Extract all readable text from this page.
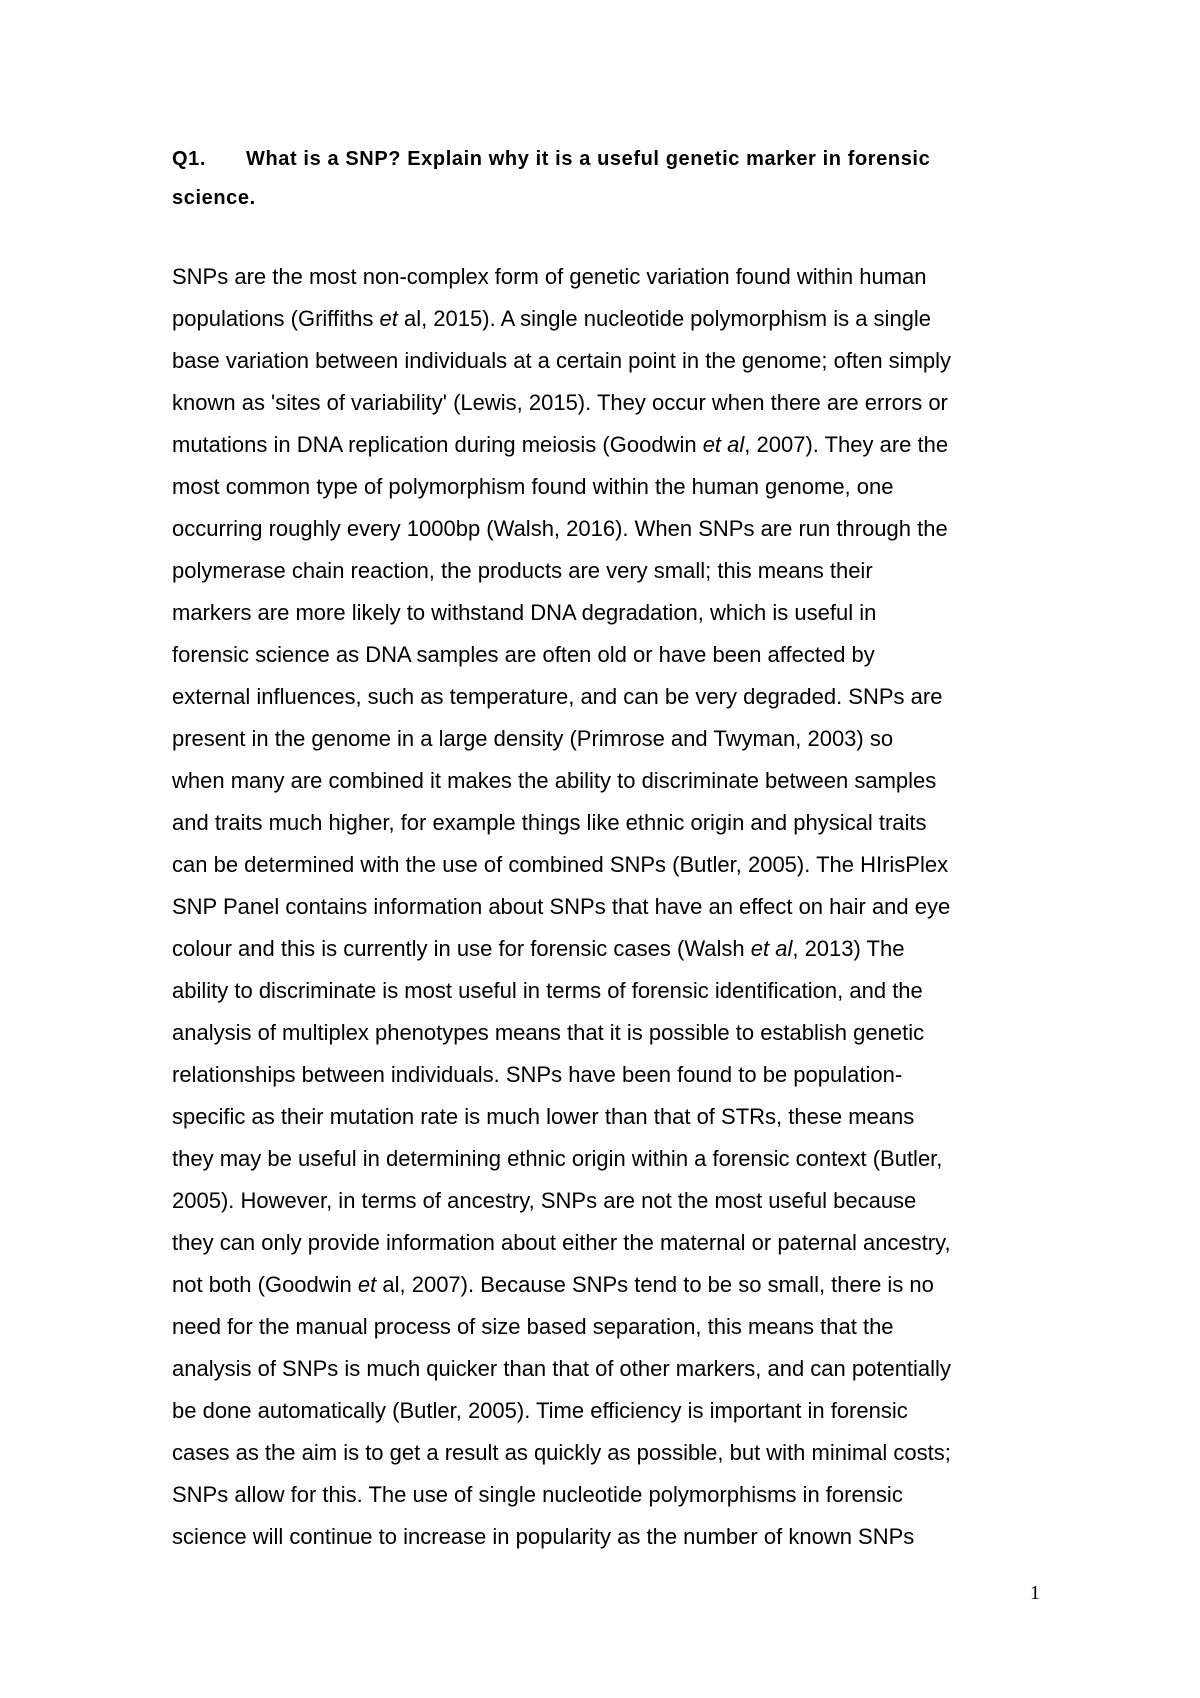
Q1. What is a SNP? Explain why it is a useful genetic marker in forensic
science.

SNPs are the most non-complex form of genetic variation found within human
populations (Griffiths et al, 2015). A single nucleotide polymorphism is a single
base variation between individuals at a certain point in the genome; often simply
known as 'sites of variability' (Lewis, 2015). They occur when there are errors or
mutations in DNA replication during meiosis (Goodwin et al, 2007). They are the
most common type of polymorphism found within the human genome, one
occurring roughly every 1000bp (Walsh, 2016). When SNPs are run through the
polymerase chain reaction, the products are very small; this means their
markers are more likely to withstand DNA degradation, which is useful in
forensic science as DNA samples are often old or have been affected by
external influences, such as temperature, and can be very degraded. SNPs are
present in the genome in a large density (Primrose and Twyman, 2003) so
when many are combined it makes the ability to discriminate between samples
and traits much higher, for example things like ethnic origin and physical traits
can be determined with the use of combined SNPs (Butler, 2005). The HIrisPlex
SNP Panel contains information about SNPs that have an effect on hair and eye
colour and this is currently in use for forensic cases (Walsh et al, 2013) The
ability to discriminate is most useful in terms of forensic identification, and the
analysis of multiplex phenotypes means that it is possible to establish genetic
relationships between individuals. SNPs have been found to be population-
specific as their mutation rate is much lower than that of STRs, these means
they may be useful in determining ethnic origin within a forensic context (Butler,
2005). However, in terms of ancestry, SNPs are not the most useful because
they can only provide information about either the maternal or paternal ancestry,
not both (Goodwin et al, 2007). Because SNPs tend to be so small, there is no
need for the manual process of size based separation, this means that the
analysis of SNPs is much quicker than that of other markers, and can potentially
be done automatically (Butler, 2005). Time efficiency is important in forensic
cases as the aim is to get a result as quickly as possible, but with minimal costs;
SNPs allow for this. The use of single nucleotide polymorphisms in forensic
science will continue to increase in popularity as the number of known SNPs

1
